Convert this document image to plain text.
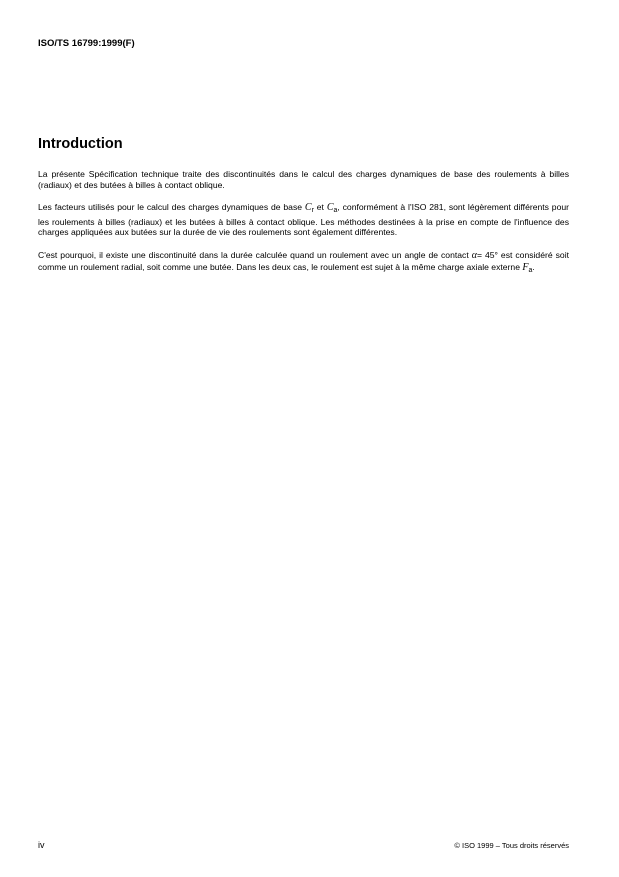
ISO/TS 16799:1999(F)
Introduction

La présente Spécification technique traite des discontinuités dans le calcul des charges dynamiques de base des roulements à billes (radiaux) et des butées à billes à contact oblique.

Les facteurs utilisés pour le calcul des charges dynamiques de base $C_r$ et $C_a$, conformément à l'ISO 281, sont légèrement différents pour les roulements à billes (radiaux) et les butées à billes à contact oblique. Les méthodes destinées à la prise en compte de l'influence des charges appliquées aux butées sur la durée de vie des roulements sont également différentes.

C'est pourquoi, il existe une discontinuité dans la durée calculée quand un roulement avec un angle de contact α= 45° est considéré soit comme un roulement radial, soit comme une butée. Dans les deux cas, le roulement est sujet à la même charge axiale externe $F_a$.

iv	© ISO 1999 – Tous droits réservés
